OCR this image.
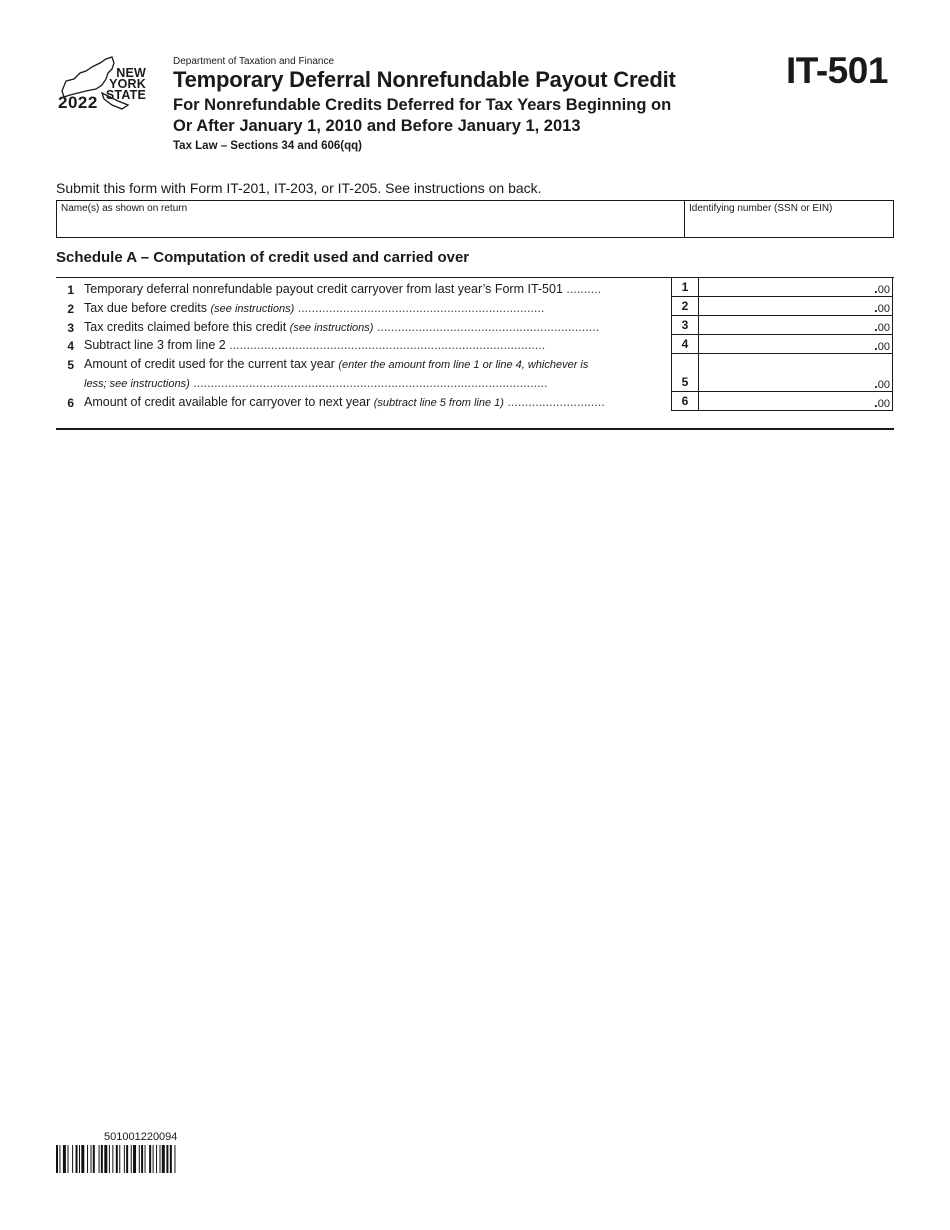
NEW
YORK
STATE
2022
Department of Taxation and Finance
Temporary Deferral Nonrefundable Payout Credit
For Nonrefundable Credits Deferred for Tax Years Beginning on
Or After January 1, 2010 and Before January 1, 2013
Tax Law – Sections 34 and 606(qq)
IT-501
Submit this form with Form IT-201, IT-203, or IT-205. See instructions on back.
Name(s) as shown on return	Identifying number (SSN or EIN)
Schedule A – Computation of credit used and carried over
1 Temporary deferral nonrefundable payout credit carryover from last year’s Form IT-501 ..........	1	.00
2 Tax due before credits (see instructions) .......................................................................	2	.00
3 Tax credits claimed before this credit (see instructions) ................................................................	3	.00
4 Subtract line 3 from line 2 ...........................................................................................	4	.00
5 Amount of credit used for the current tax year (enter the amount from line 1 or line 4, whichever is
less; see instructions) ......................................................................................................	5	.00
6 Amount of credit available for carryover to next year (subtract line 5 from line 1) ............................	6	.00
501001220094
